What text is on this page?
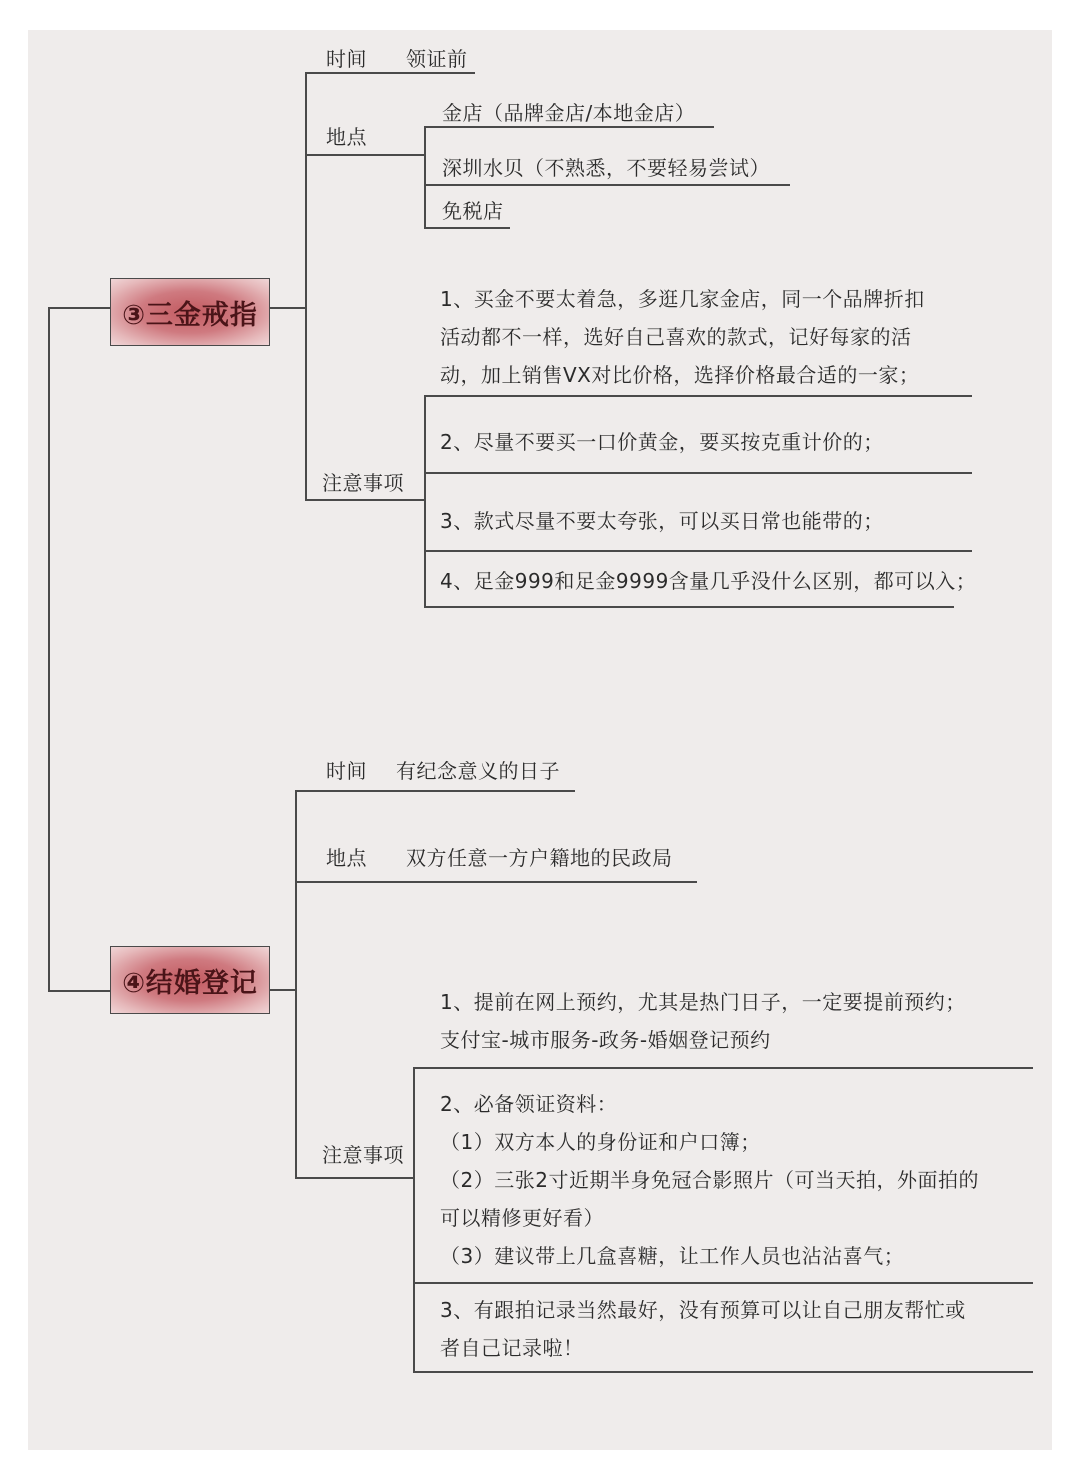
③三金戒指
时间 领证前
地点
金店（品牌金店/本地金店）
深圳水贝（不熟悉，不要轻易尝试）
免税店
注意事项
1、买金不要太着急，多逛几家金店，同一个品牌折扣
活动都不一样，选好自己喜欢的款式，记好每家的活
动，加上销售VX对比价格，选择价格最合适的一家；
2、尽量不要买一口价黄金，要买按克重计价的；
3、款式尽量不要太夸张，可以买日常也能带的；
4、足金999和足金9999含量几乎没什么区别，都可以入；
④结婚登记
时间 有纪念意义的日子
地点 双方任意一方户籍地的民政局
注意事项
1、提前在网上预约，尤其是热门日子，一定要提前预约；
支付宝-城市服务-政务-婚姻登记预约
2、必备领证资料：
（1）双方本人的身份证和户口簿；
（2）三张2寸近期半身免冠合影照片（可当天拍，外面拍的
可以精修更好看）
（3）建议带上几盒喜糖，让工作人员也沾沾喜气；
3、有跟拍记录当然最好，没有预算可以让自己朋友帮忙或
者自己记录啦！
